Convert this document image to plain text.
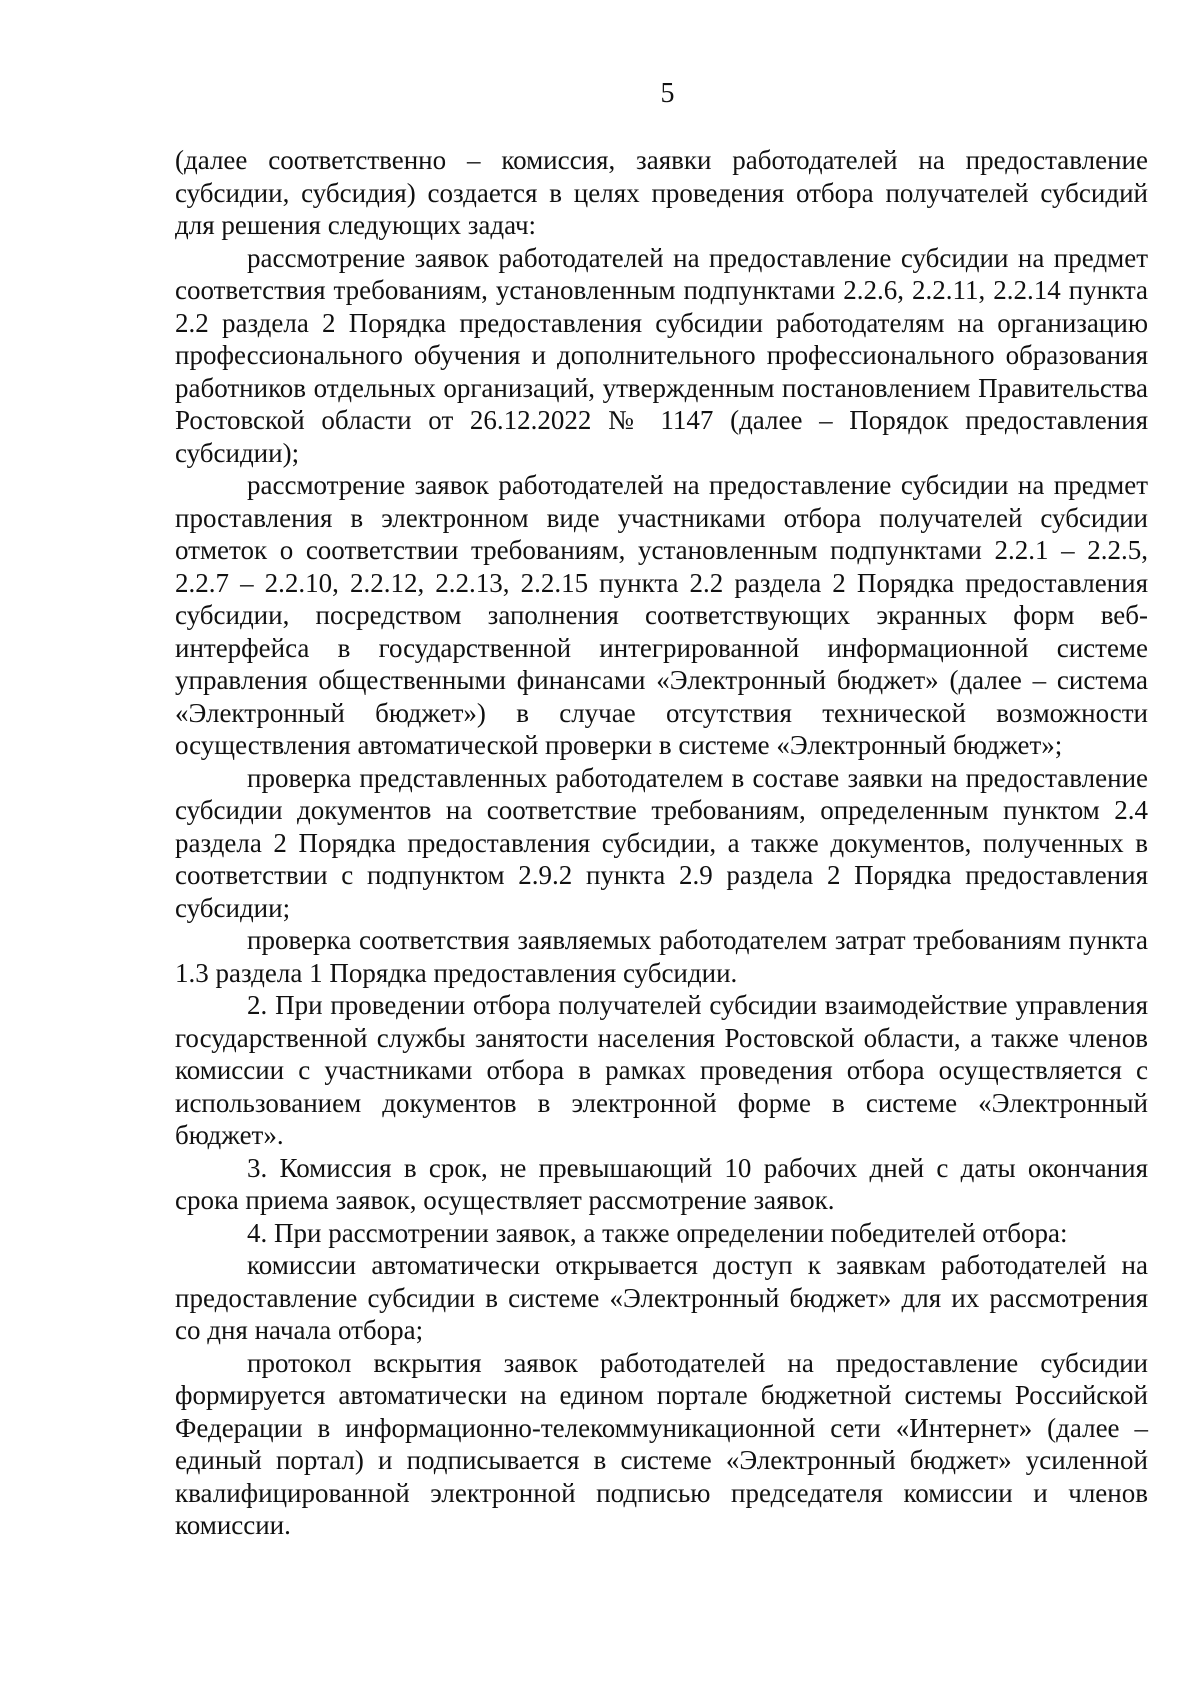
5

(далее соответственно – комиссия, заявки работодателей на предоставление субсидии, субсидия) создается в целях проведения отбора получателей субсидий для решения следующих задач:

рассмотрение заявок работодателей на предоставление субсидии на предмет соответствия требованиям, установленным подпунктами 2.2.6, 2.2.11, 2.2.14 пункта 2.2 раздела 2 Порядка предоставления субсидии работодателям на организацию профессионального обучения и дополнительного профессионального образования работников отдельных организаций, утвержденным постановлением Правительства Ростовской области от 26.12.2022 № 1147 (далее – Порядок предоставления субсидии);

рассмотрение заявок работодателей на предоставление субсидии на предмет проставления в электронном виде участниками отбора получателей субсидии отметок о соответствии требованиям, установленным подпунктами 2.2.1 – 2.2.5, 2.2.7 – 2.2.10, 2.2.12, 2.2.13, 2.2.15 пункта 2.2 раздела 2 Порядка предоставления субсидии, посредством заполнения соответствующих экранных форм веб-интерфейса в государственной интегрированной информационной системе управления общественными финансами «Электронный бюджет» (далее – система «Электронный бюджет») в случае отсутствия технической возможности осуществления автоматической проверки в системе «Электронный бюджет»;

проверка представленных работодателем в составе заявки на предоставление субсидии документов на соответствие требованиям, определенным пунктом 2.4 раздела 2 Порядка предоставления субсидии, а также документов, полученных в соответствии с подпунктом 2.9.2 пункта 2.9 раздела 2 Порядка предоставления субсидии;

проверка соответствия заявляемых работодателем затрат требованиям пункта 1.3 раздела 1 Порядка предоставления субсидии.

2. При проведении отбора получателей субсидии взаимодействие управления государственной службы занятости населения Ростовской области, а также членов комиссии с участниками отбора в рамках проведения отбора осуществляется с использованием документов в электронной форме в системе «Электронный бюджет».

3. Комиссия в срок, не превышающий 10 рабочих дней с даты окончания срока приема заявок, осуществляет рассмотрение заявок.

4. При рассмотрении заявок, а также определении победителей отбора:

комиссии автоматически открывается доступ к заявкам работодателей на предоставление субсидии в системе «Электронный бюджет» для их рассмотрения со дня начала отбора;

протокол вскрытия заявок работодателей на предоставление субсидии формируется автоматически на едином портале бюджетной системы Российской Федерации в информационно-телекоммуникационной сети «Интернет» (далее – единый портал) и подписывается в системе «Электронный бюджет» усиленной квалифицированной электронной подписью председателя комиссии и членов комиссии.
